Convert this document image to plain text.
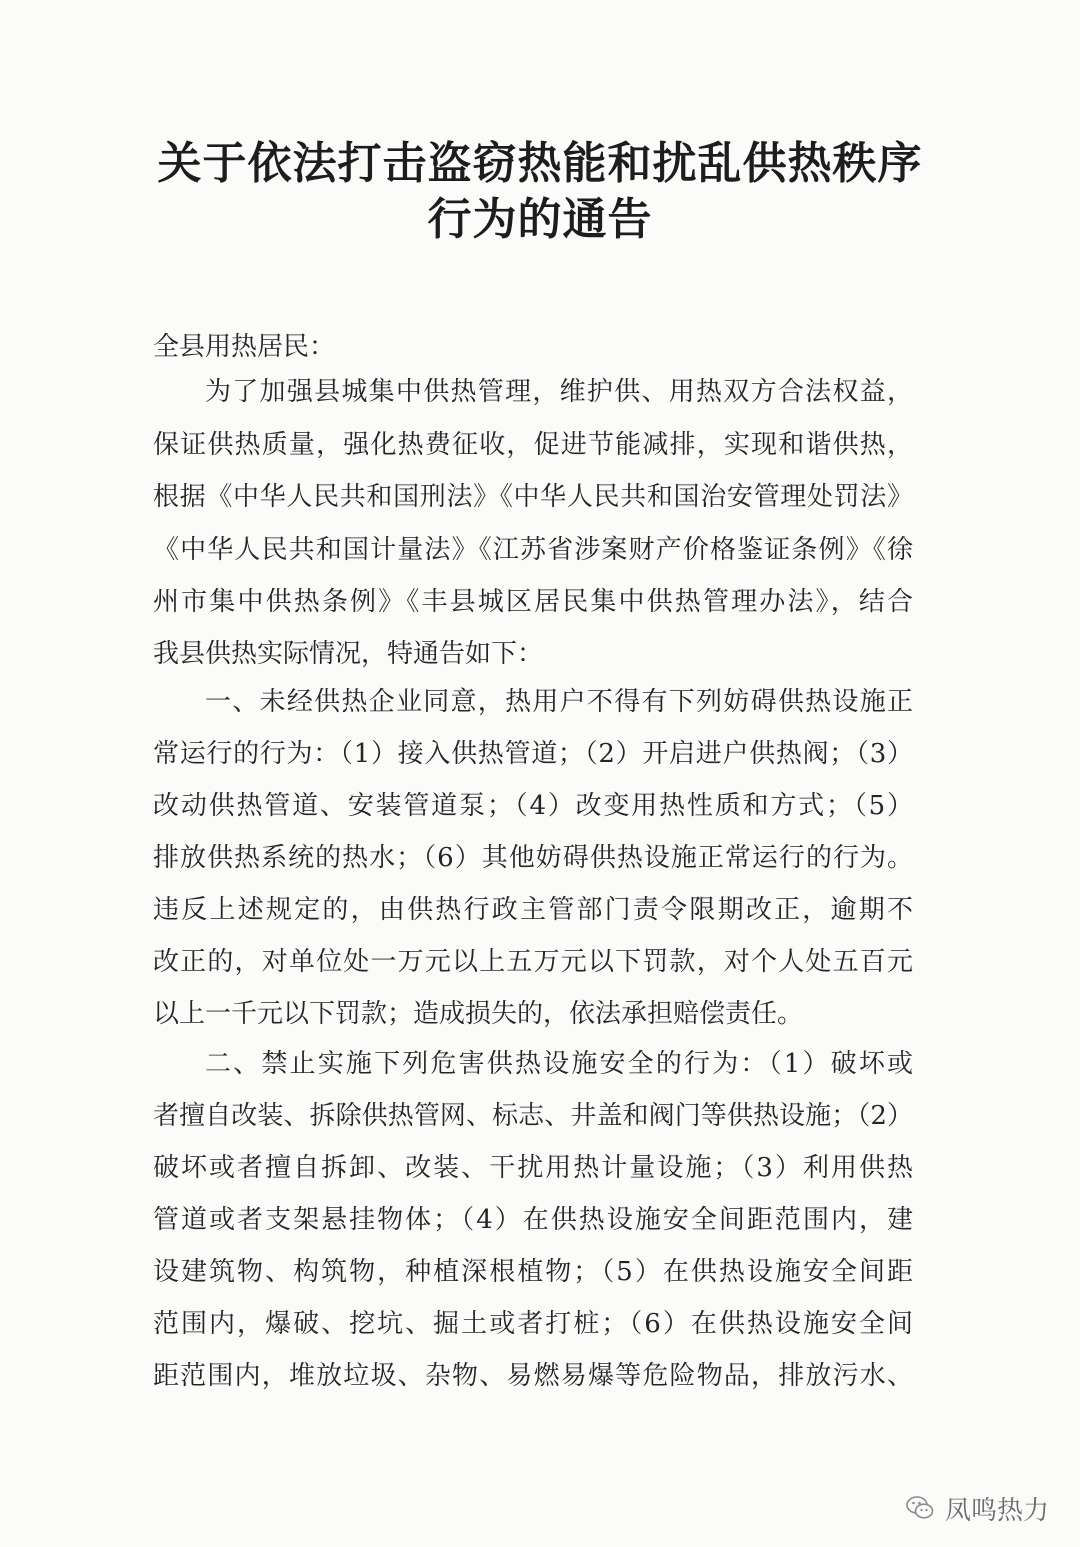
关于依法打击盗窃热能和扰乱供热秩序
行为的通告
全县用热居民：
为了加强县城集中供热管理，维护供、用热双方合法权益，
保证供热质量，强化热费征收，促进节能减排，实现和谐供热，
根据《中华人民共和国刑法》《中华人民共和国治安管理处罚法》
《中华人民共和国计量法》《江苏省涉案财产价格鉴证条例》《徐
州市集中供热条例》《丰县城区居民集中供热管理办法》，结合
我县供热实际情况，特通告如下：
一、未经供热企业同意，热用户不得有下列妨碍供热设施正
常运行的行为：（1）接入供热管道；（2）开启进户供热阀；（3）
改动供热管道、安装管道泵；（4）改变用热性质和方式；（5）
排放供热系统的热水；（6）其他妨碍供热设施正常运行的行为。
违反上述规定的，由供热行政主管部门责令限期改正，逾期不
改正的，对单位处一万元以上五万元以下罚款，对个人处五百元
以上一千元以下罚款；造成损失的，依法承担赔偿责任。
二、禁止实施下列危害供热设施安全的行为：（1）破坏或
者擅自改装、拆除供热管网、标志、井盖和阀门等供热设施；（2）
破坏或者擅自拆卸、改装、干扰用热计量设施；（3）利用供热
管道或者支架悬挂物体；（4）在供热设施安全间距范围内，建
设建筑物、构筑物，种植深根植物；（5）在供热设施安全间距
范围内，爆破、挖坑、掘土或者打桩；（6）在供热设施安全间
距范围内，堆放垃圾、杂物、易燃易爆等危险物品，排放污水、
凤鸣热力
